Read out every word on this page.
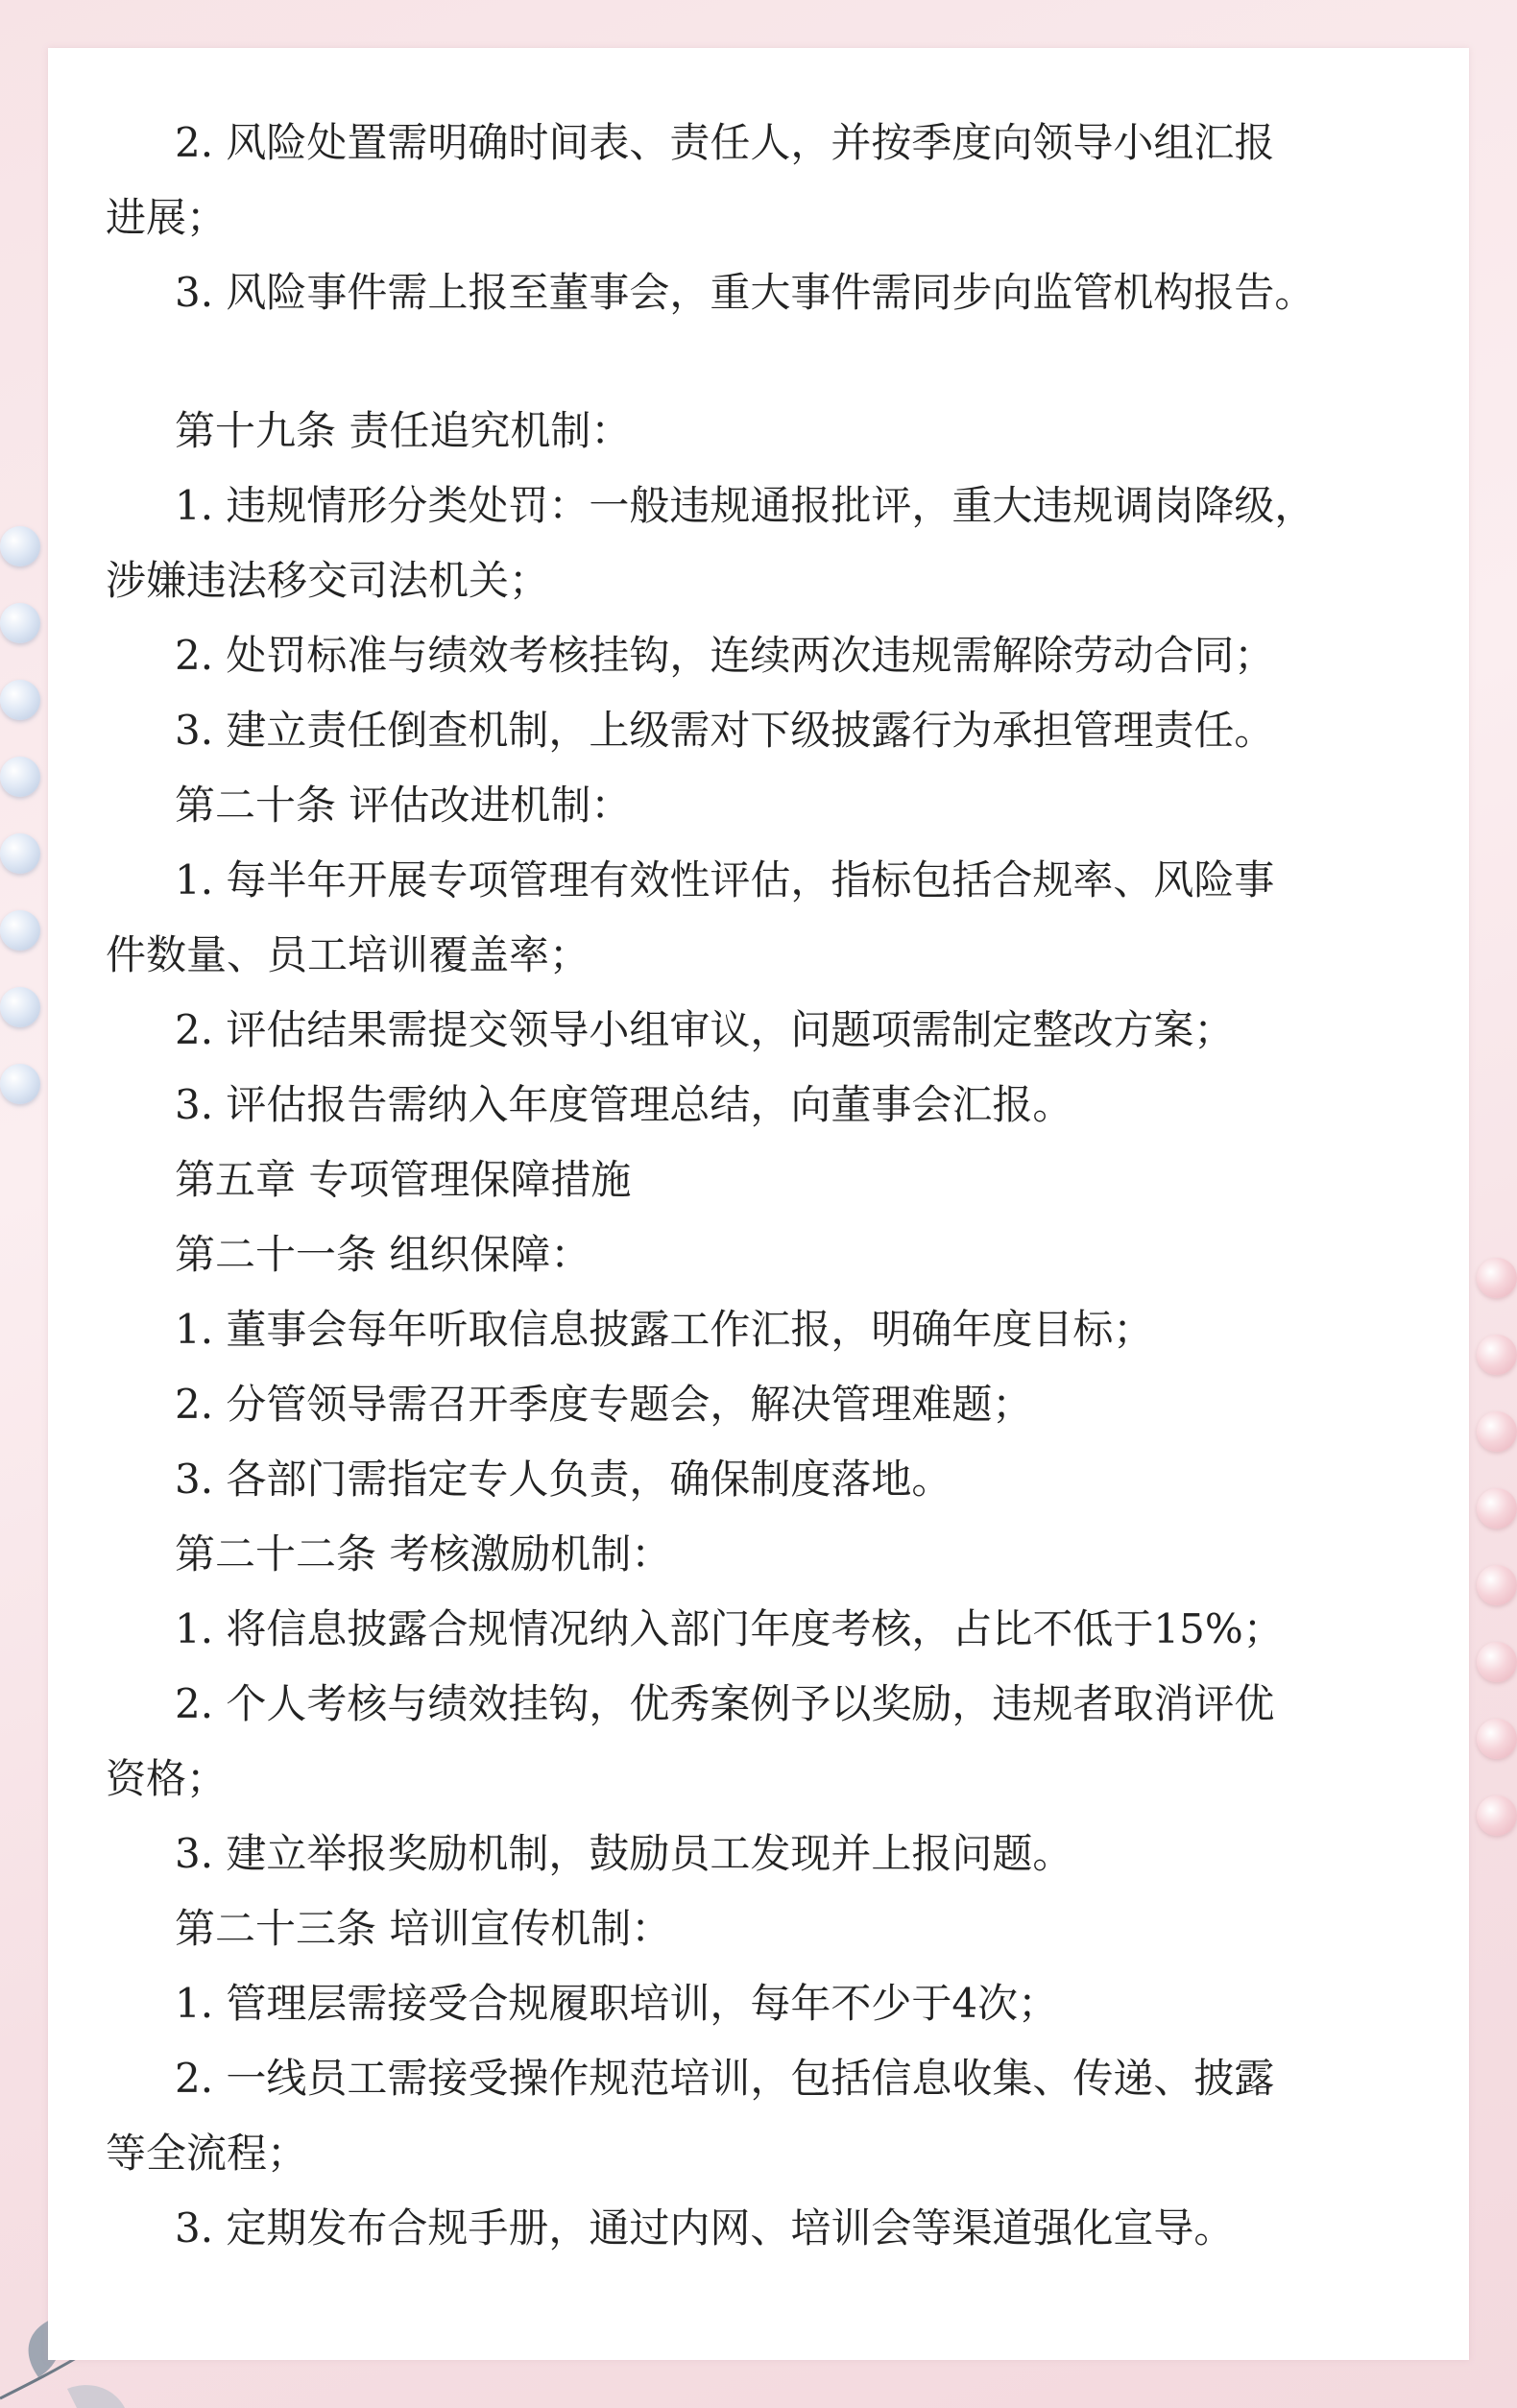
2. 风险处置需明确时间表、责任人，并按季度向领导小组汇报

进展；

3. 风险事件需上报至董事会，重大事件需同步向监管机构报告。

第十九条 责任追究机制：

1. 违规情形分类处罚：一般违规通报批评，重大违规调岗降级，

涉嫌违法移交司法机关；

2. 处罚标准与绩效考核挂钩，连续两次违规需解除劳动合同；

3. 建立责任倒查机制，上级需对下级披露行为承担管理责任。

第二十条 评估改进机制：

1. 每半年开展专项管理有效性评估，指标包括合规率、风险事

件数量、员工培训覆盖率；

2. 评估结果需提交领导小组审议，问题项需制定整改方案；

3. 评估报告需纳入年度管理总结，向董事会汇报。

第五章 专项管理保障措施

第二十一条 组织保障：

1. 董事会每年听取信息披露工作汇报，明确年度目标；

2. 分管领导需召开季度专题会，解决管理难题；

3. 各部门需指定专人负责，确保制度落地。

第二十二条 考核激励机制：

1. 将信息披露合规情况纳入部门年度考核，占比不低于15%；

2. 个人考核与绩效挂钩，优秀案例予以奖励，违规者取消评优

资格；

3. 建立举报奖励机制，鼓励员工发现并上报问题。

第二十三条 培训宣传机制：

1. 管理层需接受合规履职培训，每年不少于4次；

2. 一线员工需接受操作规范培训，包括信息收集、传递、披露

等全流程；

3. 定期发布合规手册，通过内网、培训会等渠道强化宣导。
